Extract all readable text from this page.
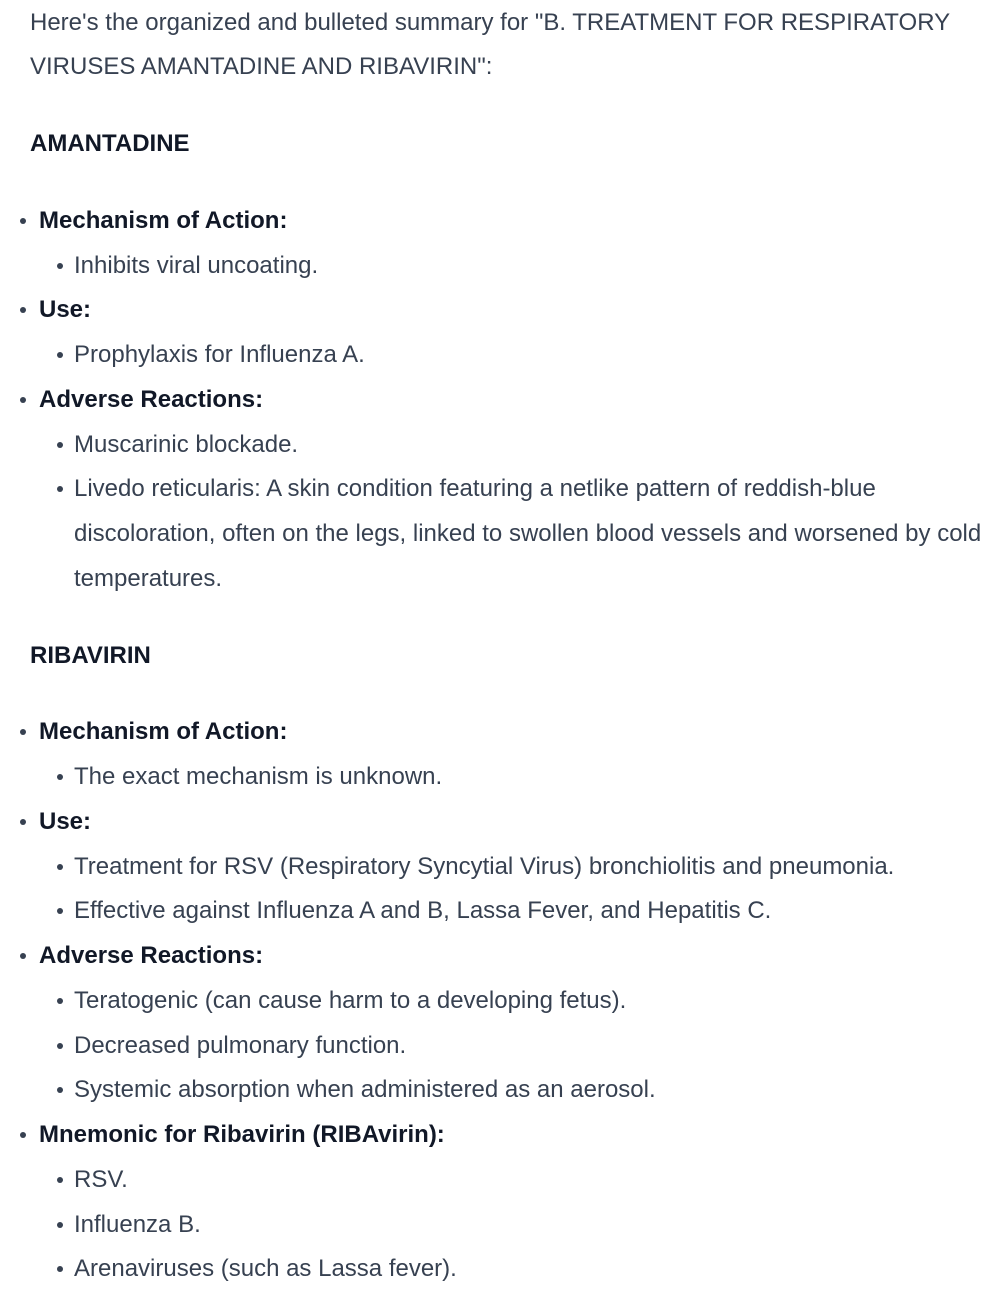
Here's the organized and bulleted summary for "B. TREATMENT FOR RESPIRATORY VIRUSES AMANTADINE AND RIBAVIRIN":

AMANTADINE
Mechanism of Action:
Inhibits viral uncoating.
Use:
Prophylaxis for Influenza A.
Adverse Reactions:
Muscarinic blockade.
Livedo reticularis: A skin condition featuring a netlike pattern of reddish-blue discoloration, often on the legs, linked to swollen blood vessels and worsened by cold temperatures.
RIBAVIRIN
Mechanism of Action:
The exact mechanism is unknown.
Use:
Treatment for RSV (Respiratory Syncytial Virus) bronchiolitis and pneumonia.
Effective against Influenza A and B, Lassa Fever, and Hepatitis C.
Adverse Reactions:
Teratogenic (can cause harm to a developing fetus).
Decreased pulmonary function.
Systemic absorption when administered as an aerosol.
Mnemonic for Ribavirin (RIBAvirin):
RSV.
Influenza B.
Arenaviruses (such as Lassa fever).
